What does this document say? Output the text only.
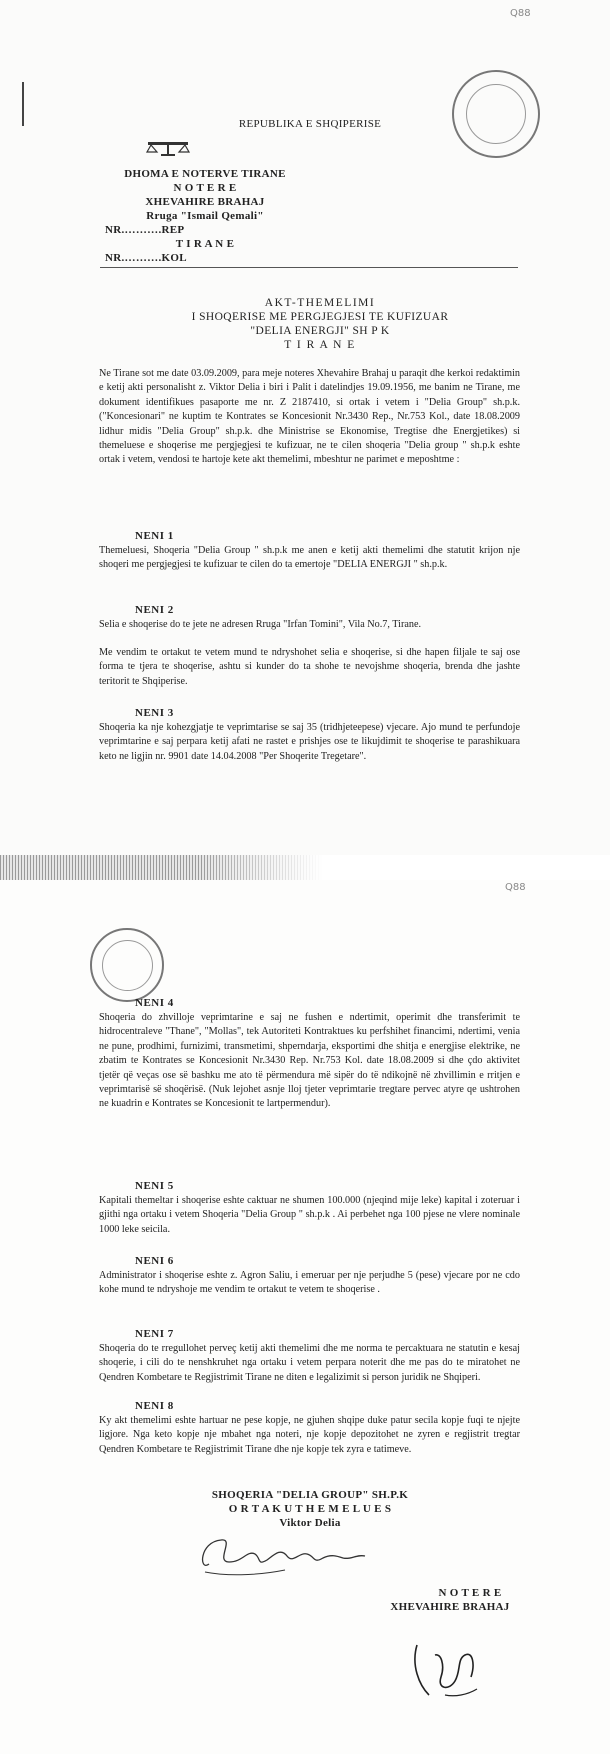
Q88
REPUBLIKA E SHQIPERISE
DHOMA E NOTERVE TIRANE
N O T E R E
XHEVAHIRE BRAHAJ
Rruga "Ismail Qemali"
NR.……….REP
T I R A N E
NR.……….KOL
AKT-THEMELIMI
I SHOQERISE ME PERGJEGJESI TE KUFIZUAR
"DELIA ENERGJI" SH P K
T I R A N E
Ne Tirane sot me date 03.09.2009, para meje noteres Xhevahire Brahaj u paraqit dhe kerkoi redaktimin e ketij akti personalisht z. Viktor Delia i biri i Palit i datelindjes 19.09.1956, me banim ne Tirane, me dokument identifikues pasaporte me nr. Z 2187410, si ortak i vetem i "Delia Group" sh.p.k. ("Koncesionari" ne kuptim te Kontrates se Koncesionit Nr.3430 Rep., Nr.753 Kol., date 18.08.2009 lidhur midis "Delia Group" sh.p.k. dhe Ministrise se Ekonomise, Tregtise dhe Energjetikes) si themeluese e shoqerise me pergjegjesi te kufizuar, ne te cilen shoqeria "Delia group " sh.p.k eshte ortak i vetem, vendosi te hartoje kete akt themelimi, mbeshtur ne parimet e meposhtme :
NENI 1
Themeluesi, Shoqeria "Delia Group " sh.p.k me anen e ketij akti themelimi dhe statutit krijon nje shoqeri me pergjegjesi te kufizuar te cilen do ta emertoje "DELIA ENERGJI " sh.p.k.
NENI 2
Selia e shoqerise do te jete ne adresen Rruga "Irfan Tomini", Vila No.7, Tirane.
Me vendim te ortakut te vetem mund te ndryshohet selia e shoqerise, si dhe hapen filjale te saj ose forma te tjera te shoqerise, ashtu si kunder do ta shohe te nevojshme shoqeria, brenda dhe jashte teritorit te Shqiperise.
NENI 3
Shoqeria ka nje kohezgjatje te veprimtarise se saj 35 (tridhjeteepese) vjecare. Ajo mund te perfundoje veprimtarine e saj perpara ketij afati ne rastet e prishjes ose te likujdimit te shoqerise te parashikuara keto ne ligjin nr. 9901 date 14.04.2008 "Per Shoqerite Tregetare".
Q88
NENI 4
Shoqeria do zhvilloje veprimtarine e saj ne fushen e ndertimit, operimit dhe transferimit te hidrocentraleve "Thane", "Mollas", tek Autoriteti Kontraktues ku perfshihet financimi, ndertimi, venia ne pune, prodhimi, furnizimi, transmetimi, shperndarja, eksportimi dhe shitja e energjise elektrike, ne zbatim te Kontrates se Koncesionit Nr.3430 Rep. Nr.753 Kol. date 18.08.2009 si dhe çdo aktivitet tjetër që veças ose së bashku me ato të përmendura më sipër do të ndikojnë në zhvillimin e rritjen e veprimtarisë së shoqërisë. (Nuk lejohet asnje lloj tjeter veprimtarie tregtare pervec atyre qe ushtrohen ne kuadrin e Kontrates se Koncesionit te lartpermendur).
NENI 5
Kapitali themeltar i shoqerise eshte caktuar ne shumen 100.000 (njeqind mije leke) kapital i zoteruar i gjithi nga ortaku i vetem Shoqeria "Delia Group " sh.p.k . Ai perbehet nga 100 pjese ne vlere nominale 1000 leke seicila.
NENI 6
Administrator i shoqerise eshte z. Agron Saliu, i emeruar per nje perjudhe 5 (pese) vjecare por ne cdo kohe mund te ndryshoje me vendim te ortakut te vetem te shoqerise .
NENI 7
Shoqeria do te rregullohet perveç ketij akti themelimi dhe me norma te percaktuara ne statutin e kesaj shoqerie, i cili do te nenshkruhet nga ortaku i vetem perpara noterit dhe me pas do te miratohet ne Qendren Kombetare te Regjistrimit Tirane ne diten e legalizimit si person juridik ne Shqiperi.
NENI 8
Ky akt themelimi eshte hartuar ne pese kopje, ne gjuhen shqipe duke patur secila kopje fuqi te njejte ligjore. Nga keto kopje nje mbahet nga noteri, nje kopje depozitohet ne zyren e regjistrit tregtar Qendren Kombetare te Regjistrimit Tirane dhe nje kopje tek zyra e tatimeve.
SHOQERIA "DELIA GROUP" SH.P.K
O R T A K U T H E M E L U E S
Viktor Delia
N O T E R E
XHEVAHIRE BRAHAJ
